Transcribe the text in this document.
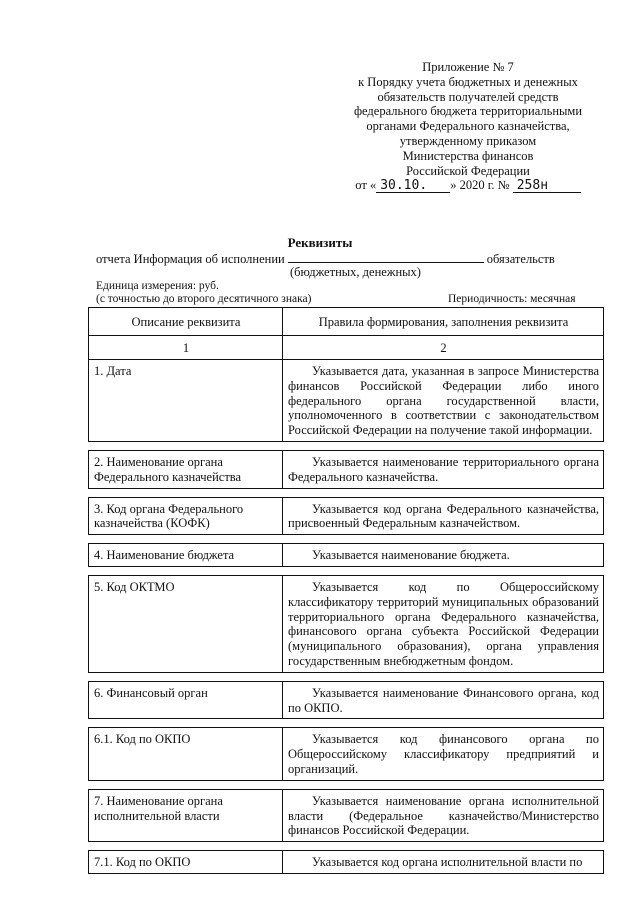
Приложение № 7
к Порядку учета бюджетных и денежных
обязательств получателей средств
федерального бюджета территориальными
органами Федерального казначейства,
утвержденному приказом
Министерства финансов
Российской Федерации
от « 30.10. » 2020 г. № 258н
Реквизиты
отчета Информация об исполнении	обязательств
(бюджетных, денежных)
Единица измерения: руб.
(с точностью до второго десятичного знака)	Периодичность: месячная
Описание реквизита	Правила формирования, заполнения реквизита
1	2
1. Дата	Указывается дата, указанная в запросе Министерства финансов Российской Федерации либо иного федерального органа государственной власти, уполномоченного в соответствии с законодательством Российской Федерации на получение такой информации.

2. Наименование органа Федерального казначейства	Указывается наименование территориального органа Федерального казначейства.

3. Код органа Федерального казначейства (КОФК)	Указывается код органа Федерального казначейства, присвоенный Федеральным казначейством.

4. Наименование бюджета	Указывается наименование бюджета.

5. Код ОКТМО	Указывается код по Общероссийскому классификатору территорий муниципальных образований территориального органа Федерального казначейства, финансового органа субъекта Российской Федерации (муниципального образования), органа управления государственным внебюджетным фондом.

6. Финансовый орган	Указывается наименование Финансового органа, код по ОКПО.

6.1. Код по ОКПО	Указывается код финансового органа по Общероссийскому классификатору предприятий и организаций.

7. Наименование органа исполнительной власти	Указывается наименование органа исполнительной власти (Федеральное казначейство/Министерство финансов Российской Федерации.

7.1. Код по ОКПО	Указывается код органа исполнительной власти по
